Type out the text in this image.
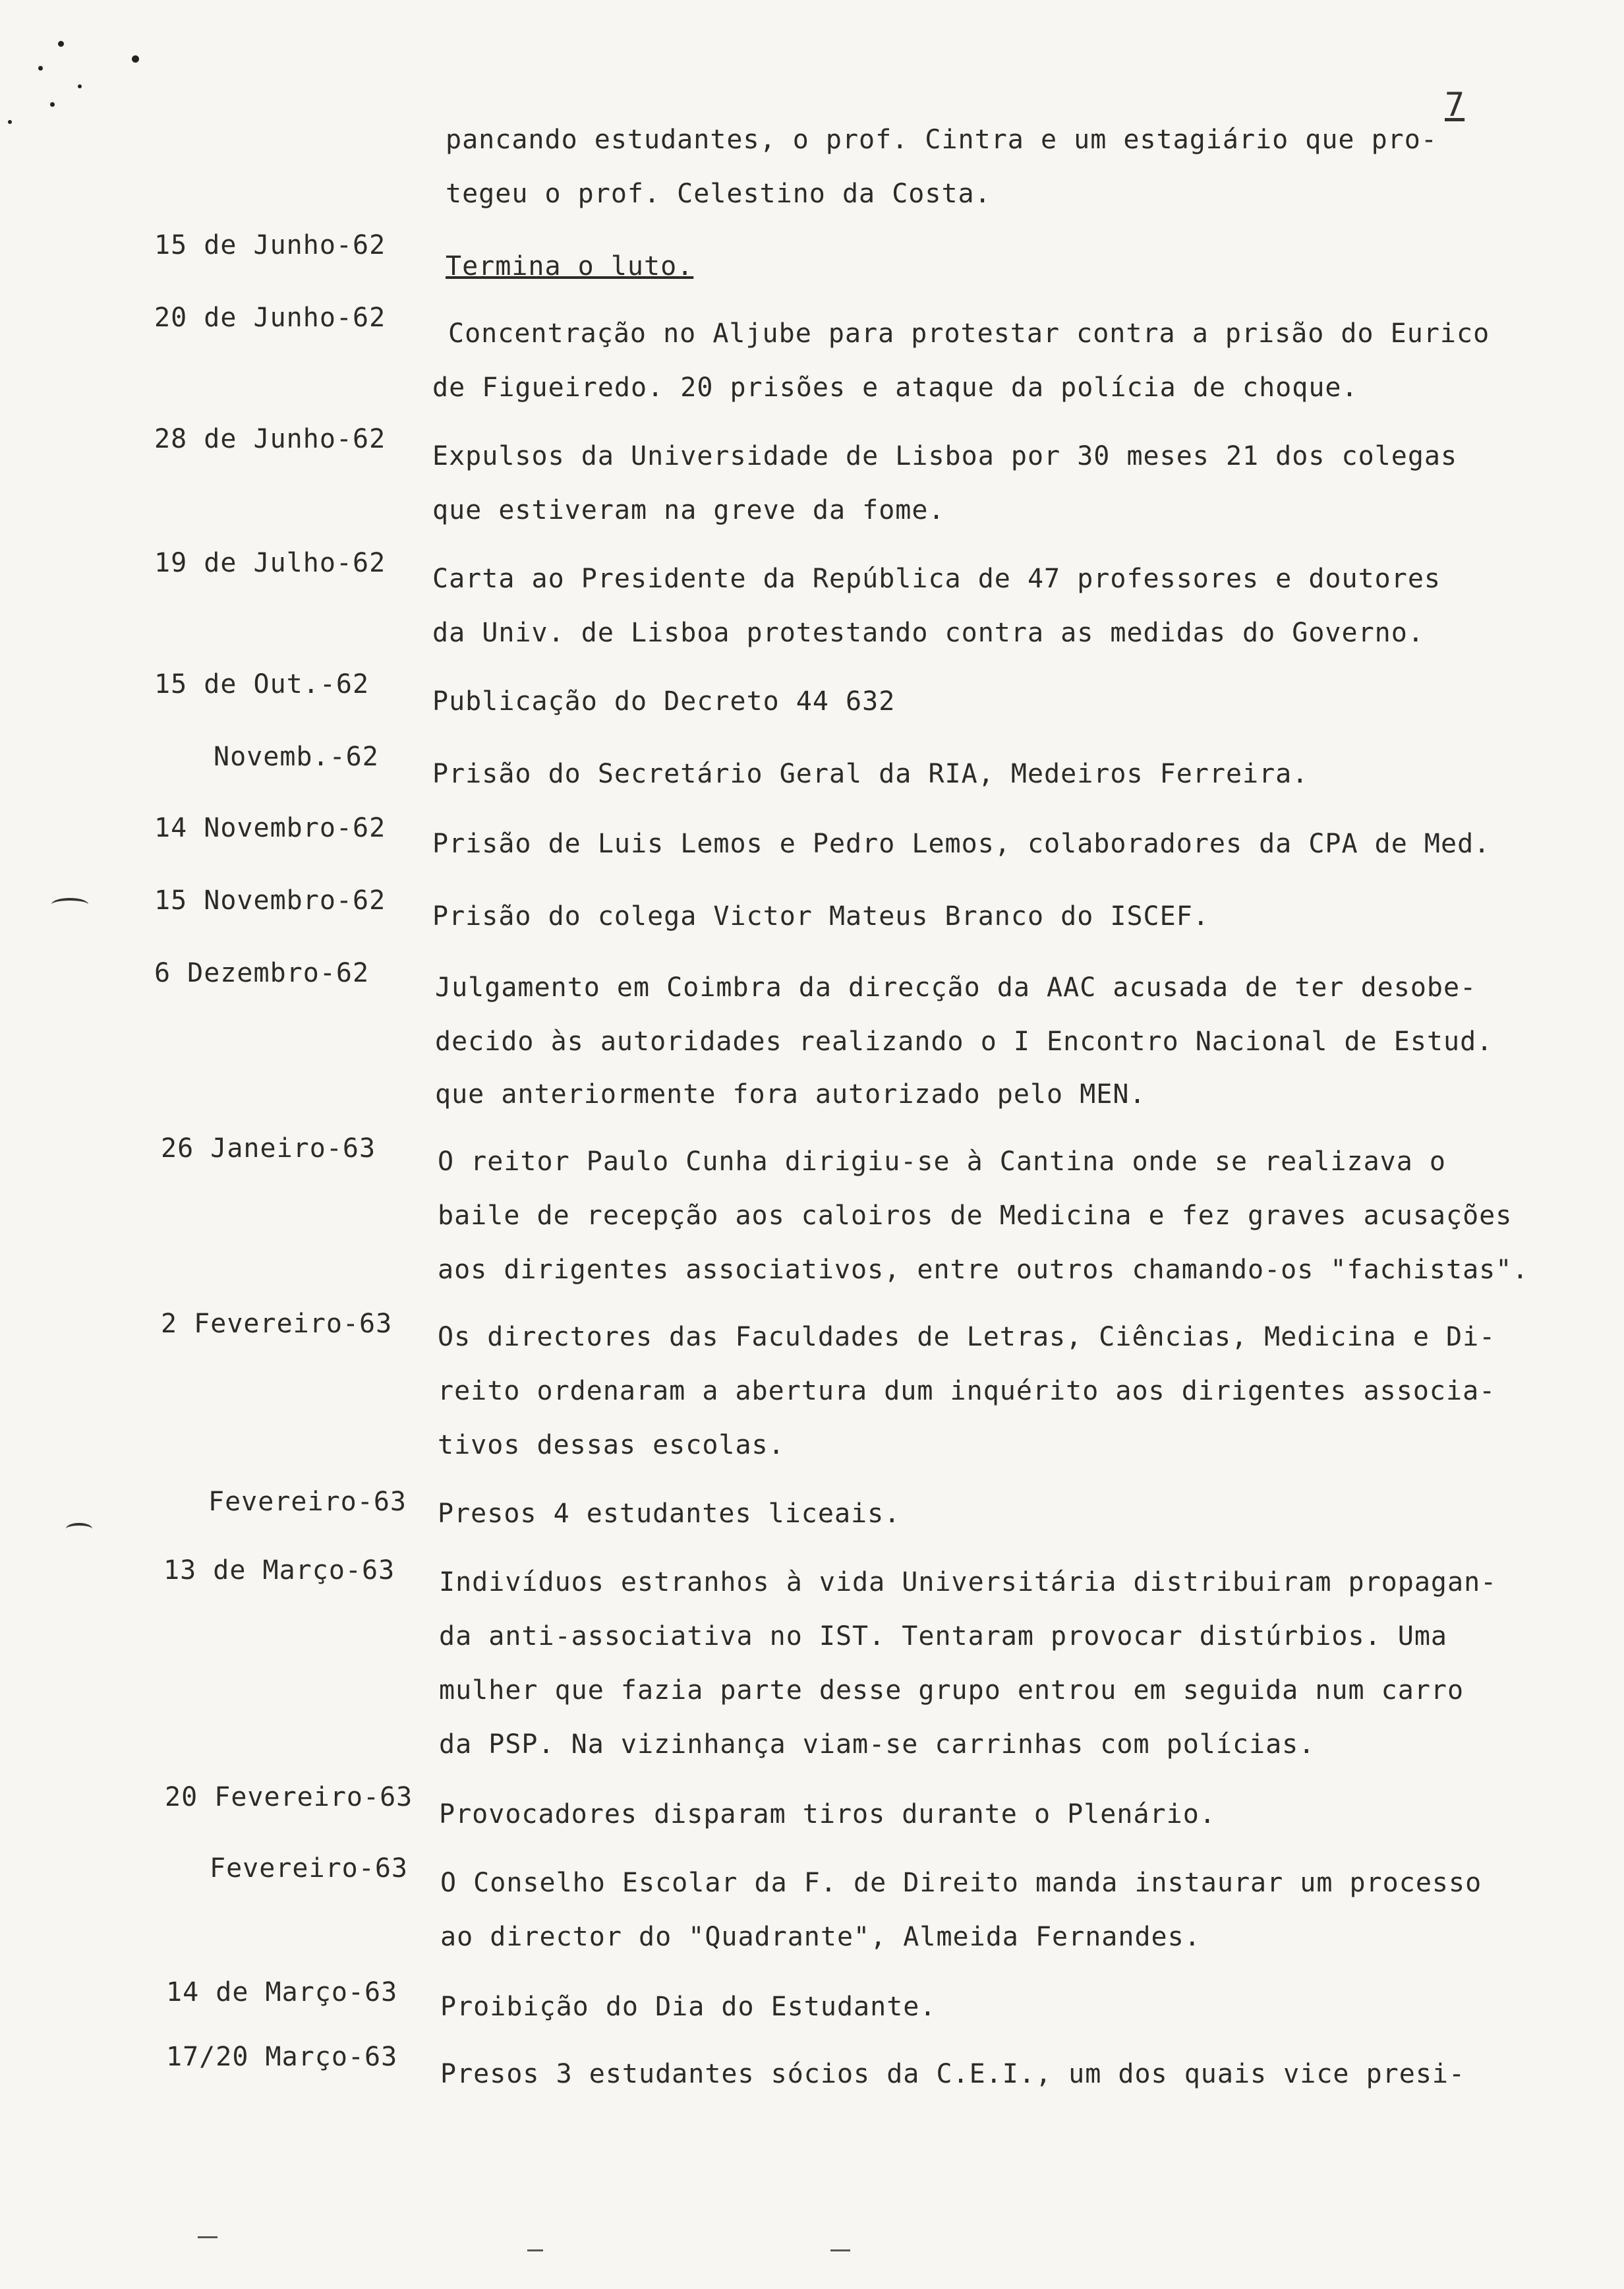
7
pancando estudantes, o prof. Cintra e um estagiário que pro-
tegeu o prof. Celestino da Costa.
15 de Junho-62
Termina o luto.
20 de Junho-62
Concentração no Aljube para protestar contra a prisão do Eurico
de Figueiredo. 20 prisões e ataque da polícia de choque.
28 de Junho-62
Expulsos da Universidade de Lisboa por 30 meses 21 dos colegas
que estiveram na greve da fome.
19 de Julho-62
Carta ao Presidente da República de 47 professores e doutores
da Univ. de Lisboa protestando contra as medidas do Governo.
15 de Out.-62
Publicação do Decreto 44 632
Novemb.-62
Prisão do Secretário Geral da RIA, Medeiros Ferreira.
14 Novembro-62
Prisão de Luis Lemos e Pedro Lemos, colaboradores da CPA de Med.
15 Novembro-62
Prisão do colega Victor Mateus Branco do ISCEF.
6 Dezembro-62 Julgamento em Coimbra da direcção da AAC acusada de ter desobe-
decido às autoridades realizando o I Encontro Nacional de Estud.
que anteriormente fora autorizado pelo MEN.
26 Janeiro-63 O reitor Paulo Cunha dirigiu-se à Cantina onde se realizava o
baile de recepção aos caloiros de Medicina e fez graves acusações
aos dirigentes associativos, entre outros chamando-os "fachistas".
2 Fevereiro-63 Os directores das Faculdades de Letras, Ciências, Medicina e Di-
reito ordenaram a abertura dum inquérito aos dirigentes associa-
tivos dessas escolas.
Fevereiro-63 Presos 4 estudantes liceais.
13 de Março-63 Indivíduos estranhos à vida Universitária distribuiram propagan-
da anti-associativa no IST. Tentaram provocar distúrbios. Uma
mulher que fazia parte desse grupo entrou em seguida num carro
da PSP. Na vizinhança viam-se carrinhas com polícias.
20 Fevereiro-63
Provocadores disparam tiros durante o Plenário.
Fevereiro-63 O Conselho Escolar da F. de Direito manda instaurar um processo
ao director do "Quadrante", Almeida Fernandes.
14 de Março-63 Proibição do Dia do Estudante.
17/20 Março-63
Presos 3 estudantes sócios da C.E.I., um dos quais vice presi-
